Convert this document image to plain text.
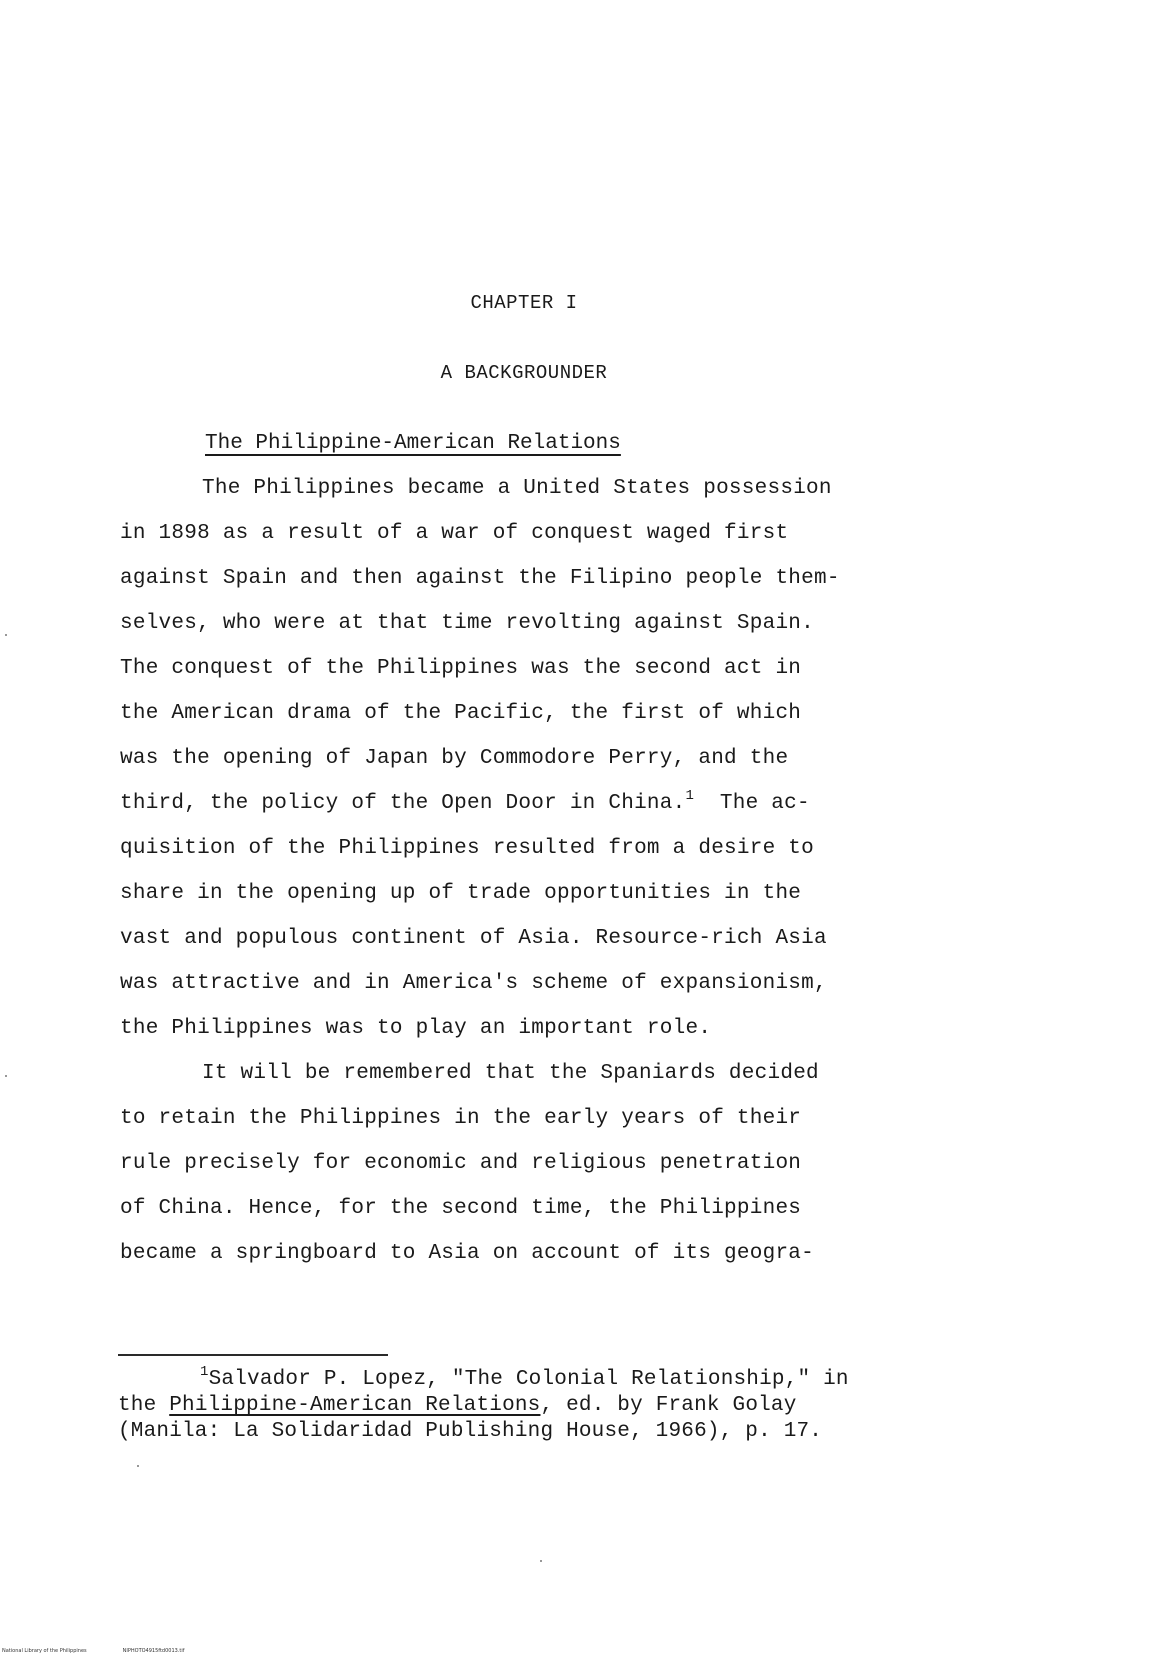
CHAPTER I
A BACKGROUNDER
The Philippine-American Relations
The Philippines became a United States possession
in 1898 as a result of a war of conquest waged first
against Spain and then against the Filipino people them-
selves, who were at that time revolting against Spain.
The conquest of the Philippines was the second act in
the American drama of the Pacific, the first of which
was the opening of Japan by Commodore Perry, and the
third, the policy of the Open Door in China.$^1$ The ac-
quisition of the Philippines resulted from a desire to
share in the opening up of trade opportunities in the
vast and populous continent of Asia. Resource-rich Asia
was attractive and in America's scheme of expansionism,
the Philippines was to play an important role.
It will be remembered that the Spaniards decided
to retain the Philippines in the early years of their
rule precisely for economic and religious penetration
of China. Hence, for the second time, the Philippines
became a springboard to Asia on account of its geogra-
$^1$Salvador P. Lopez, "The Colonial Relationship," in
the Philippine-American Relations, ed. by Frank Golay
(Manila: La Solidaridad Publishing House, 1966), p. 17.
National Library of the Philippines	NIPHOTO4915ftd0013.tif
